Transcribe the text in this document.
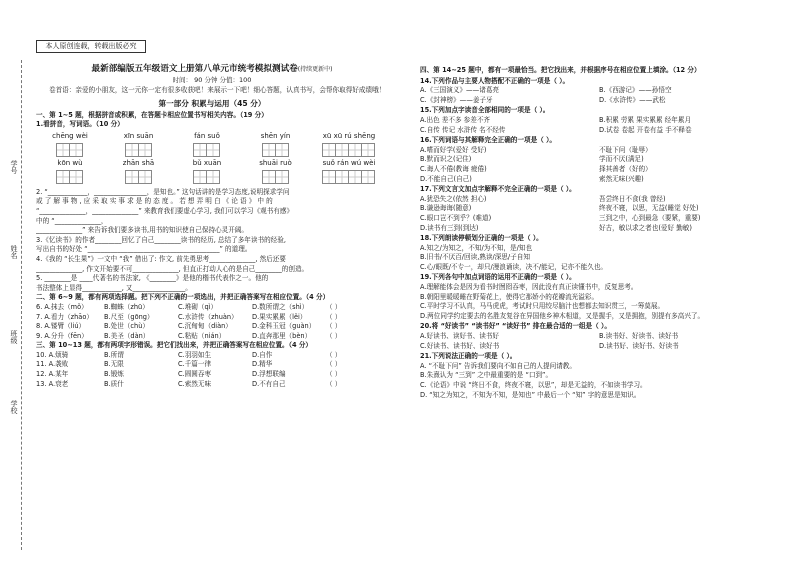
本人原创连载，转载出版必究
学号
姓名
班级
学校
最新部编版五年级语文上册第八单元市统考模拟测试卷(持续更新中)
时间： 90 分钟 分值：100

卷首语：亲爱的小朋友，这一元你一定有很多收获吧！来展示一下吧！细心答题，认真书写，会帮你取得好成绩哦！

第一部分 积累与运用（45 分）

一、第 1~5 题，根据拼音或积累，在答题卡相应位置书写相关内容。（19 分）

1.看拼音，写词语。（10 分）

chēng wèi	xīn suān	fán suǒ	shēn yín	xū xū rú shēng
kōn wù	zhān shā	bǔ xuān	shuāi ruò	suǒ rán wú wèi

2. “____________，________________，是知也。” 这句话讲的是学习态度,说明探求学问

或 了 解 事 物 , 应 采 取 实 事 求 是 的 态 度 。 若 想 弄 明 白 《 论 语 》 中 的

“______________，______________” 来教育我们要虚心学习, 我们可以学习《观书有感》

中的 “______________，

______________” 来告诉我们要多读书,用书的知识使自己保持心灵开阔。

3.《忆读书》的作者________回忆了自己________读书的经历, 总结了多年读书的经验,

写出自书的好处 “________________________________________” 的道理。

4.《我的 “长生果”》一文中 “我” 借出了: 作文, 前先勇思考______________, 然后还要

______________, 作文开始要不可______________, 但直正打动人心的是自己________的创造。

5. ________是 ____代著名的书法家, 《________》是他的楷书代表作之一。他的

书法整体上显得____________, 又________________。

二、第 6~9 题，都有两项选择题。把下列不正确的一项选出，并把正确答案写在相应位置。（4 分）

6. A.抹去（mǒ）	B.蜘蛛（zhū）	C.堆砌（qì）	D.数所谓之（shì）	（ ）
7. A.看力（zhāo）	B.尺至（gōng）	C.水浒传（zhuàn）	D.果实累累（lěi）	（ ）
8. A.镂臂（liú）	B.处世（chù）	C.沉甸甸（diàn）	D.金科玉冠（guàn）	（ ）
9. A.分升（fēn）	B.美圣（dàn）	C.粘贴（nián）	D.直奔那里（bèn）	（ ）

三、第 10~13 题，都有两项字形错误。把它们找出来，并把正确答案写在相应位置。（4 分）

10. A.烦骑	B.所谓	C.羽羽如生	D.自作	（ ）
11. A.袭败	B.无限	C.千篇一律	D.精华	（ ）
12. A.某年	B.锻炼	C.圆圆吞枣	D.浮想联编	（ ）
13. A.衰老	B.质什	C.索然无味	D.不有自己	（ ）

四、第 14~25 题中，都有一项最恰当。把它找出来，并根据序号在相应位置上填涂。（12 分）

14.下列作品与主要人物搭配不正确的一项是（ ）。

A.《三国演义》——诸葛亮	B.《西游记》——孙悟空
C.《封神榜》——姜子牙	D.《水浒传》——武松

15.下列加点字读音全部相同的一项是（ ）。

A.出色 差不多 参差不齐	B.积累 劳累 果实累累 经年累月
C.自传 传记 水浒传 名不经传	D.试卷 卷起 开卷有益 手不释卷

16.下列词语与其解释完全正确的一项是（ ）。

A.嗜而好学(爱好 受好)	不耻下问（耻辱）
B.默而识之(记住)	学而不厌(满足)
C.诲人不倦(教诲 疲倦)	择其善者（好的）
D.不能自己(自己)	索然无味(兴趣)

17.下列文言文加点字解释不完全正确的一项是（ ）。

A.犹恐失之(依然 担心)	吾尝终日不食(我 曾经)
B.谦逊诲诲(随意)	终夜不寝，以思，无益(睡觉 好处)
C.眼口岂不到乎？(难道)	三到之中，心到最急（要紧，重要)
D.读书有三到(到达)	好古，敏以求之者也(爱好 勤敏)

18.下列朗读停顿划分正确的一项是（ ）。

A.知之/为知之，不知/为不知，是/知也
B.旧书/不厌百/回读,熟读/深思/子自知
C.心/眼既/不专一，却只/漫浪诵读，决不/能记，记亦不能久也。

19.下列各句中加点词语的运用不正确的一项是（ ）。

A.理解能体会是因为看书时囫囵吞枣，因此没有真正读懂书中，反复思考。
B.朝阳里暖暖睡在野菊花上，使得它那娇小的花瓣流光溢彩。
C.平时学习不认真，马马虎虎，考试时只用绞尽脑汁也想都去知识贯三，一筹莫展。
D.两位同学约定要去的名胜友复谷在异国他乡神木相道，又是握手，又是拥抱，别提有多高兴了。

20.将 “好读书” “读书好” “读好书” 排在最合适的一组是（ ）。

A.好读书、读好书、读书好	B.读书好、好读书、读好书
C.好读书、读书好、读好书	D.读书好、读好书、好读书

21.下列说法正确的一项是（ ）。

A. “不耻下问” 告诉我们要向不如自己的人提问请教。
B.朱熹认为 “三到” 之中最重要的是 “口到”。
C.《论语》中说 “终日不食，终夜不寝，以思”，却是无益的，不如读书学习。
D. “知之为知之，不知为不知，是知也” 中最后一个 “知” 字的意思是知识。
